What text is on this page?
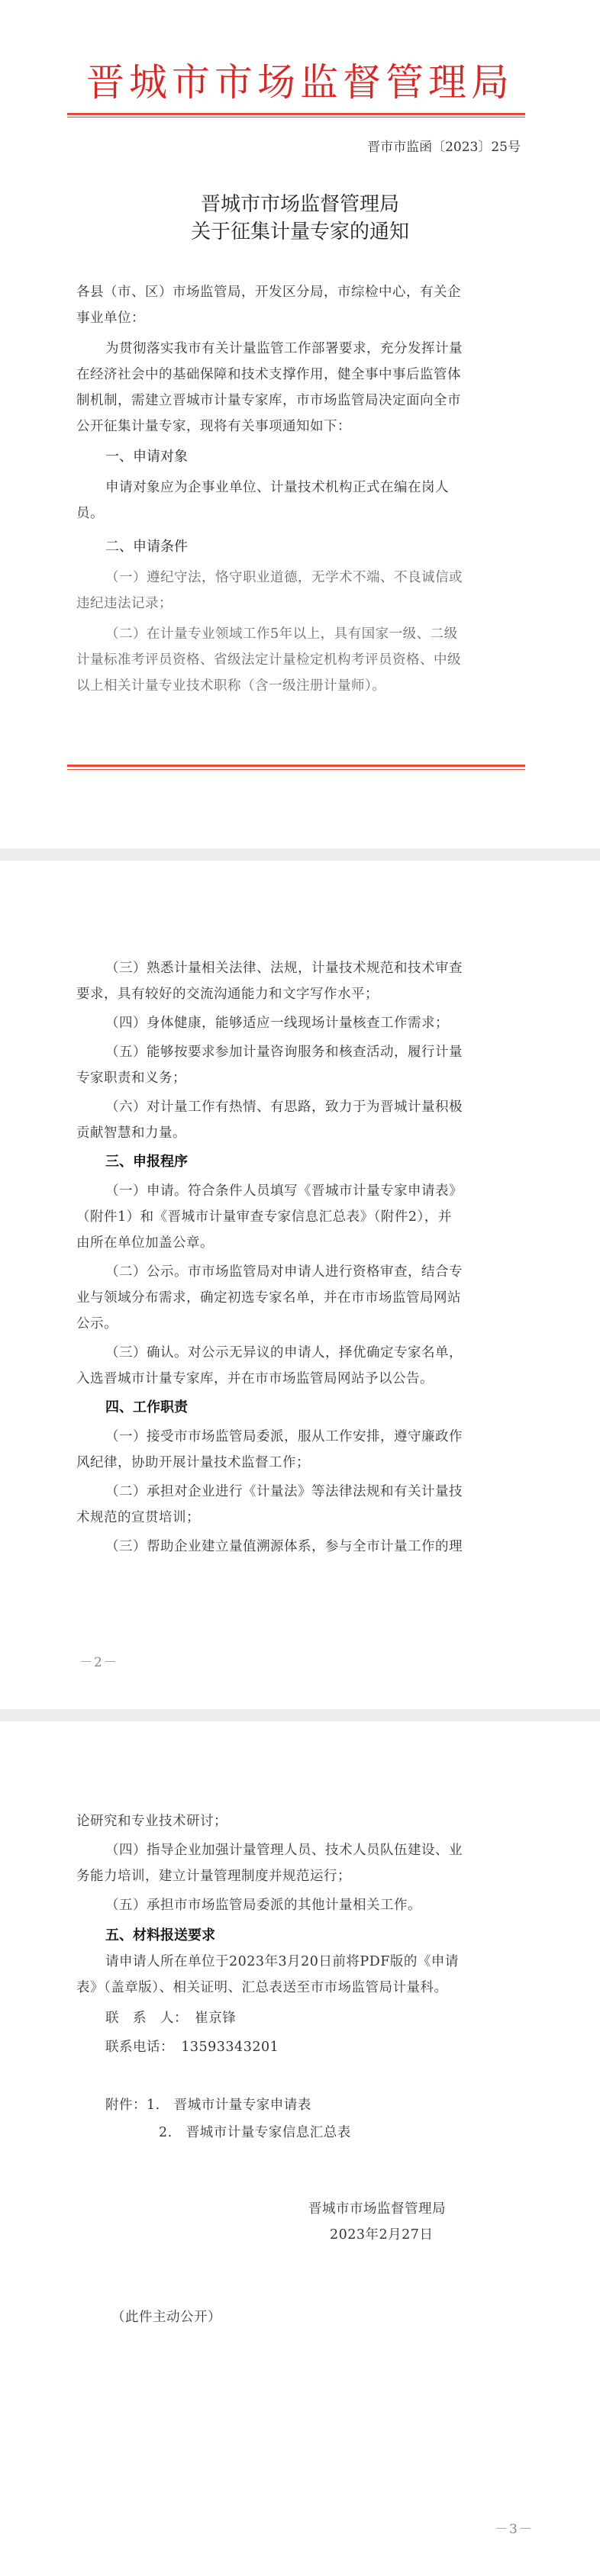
晋城市市场监督管理局
晋市市监函〔2023〕25号
晋城市市场监督管理局
关于征集计量专家的通知
各县（市、区）市场监管局，开发区分局，市综检中心，有关企
事业单位：
为贯彻落实我市有关计量监管工作部署要求，充分发挥计量
在经济社会中的基础保障和技术支撑作用，健全事中事后监管体
制机制，需建立晋城市计量专家库，市市场监管局决定面向全市
公开征集计量专家，现将有关事项通知如下：
一、申请对象
申请对象应为企事业单位、计量技术机构正式在编在岗人
员。
二、申请条件
（一）遵纪守法，恪守职业道德，无学术不端、不良诚信或
违纪违法记录；
（二）在计量专业领域工作5年以上，具有国家一级、二级
计量标准考评员资格、省级法定计量检定机构考评员资格、中级
以上相关计量专业技术职称（含一级注册计量师）。
（三）熟悉计量相关法律、法规，计量技术规范和技术审查
要求，具有较好的交流沟通能力和文字写作水平；
（四）身体健康，能够适应一线现场计量核查工作需求；
（五）能够按要求参加计量咨询服务和核查活动，履行计量
专家职责和义务；
（六）对计量工作有热情、有思路，致力于为晋城计量积极
贡献智慧和力量。
三、申报程序
（一）申请。符合条件人员填写《晋城市计量专家申请表》
（附件1）和《晋城市计量审查专家信息汇总表》（附件2），并
由所在单位加盖公章。
（二）公示。市市场监管局对申请人进行资格审查，结合专
业与领域分布需求，确定初选专家名单，并在市市场监管局网站
公示。
（三）确认。对公示无异议的申请人，择优确定专家名单，
入选晋城市计量专家库，并在市市场监管局网站予以公告。
四、工作职责
（一）接受市市场监管局委派，服从工作安排，遵守廉政作
风纪律，协助开展计量技术监督工作；
（二）承担对企业进行《计量法》等法律法规和有关计量技
术规范的宣贯培训；
（三）帮助企业建立量值溯源体系，参与全市计量工作的理
－2－
论研究和专业技术研讨；
（四）指导企业加强计量管理人员、技术人员队伍建设、业
务能力培训，建立计量管理制度并规范运行；
（五）承担市市场监管局委派的其他计量相关工作。
五、材料报送要求
请申请人所在单位于2023年3月20日前将PDF版的《申请
表》（盖章版）、相关证明、汇总表送至市市场监管局计量科。
联　系　人：　崔京锋
联系电话：　13593343201
附件：1.　晋城市计量专家申请表
2.　晋城市计量专家信息汇总表
晋城市市场监督管理局
2023年2月27日
（此件主动公开）
－3－
